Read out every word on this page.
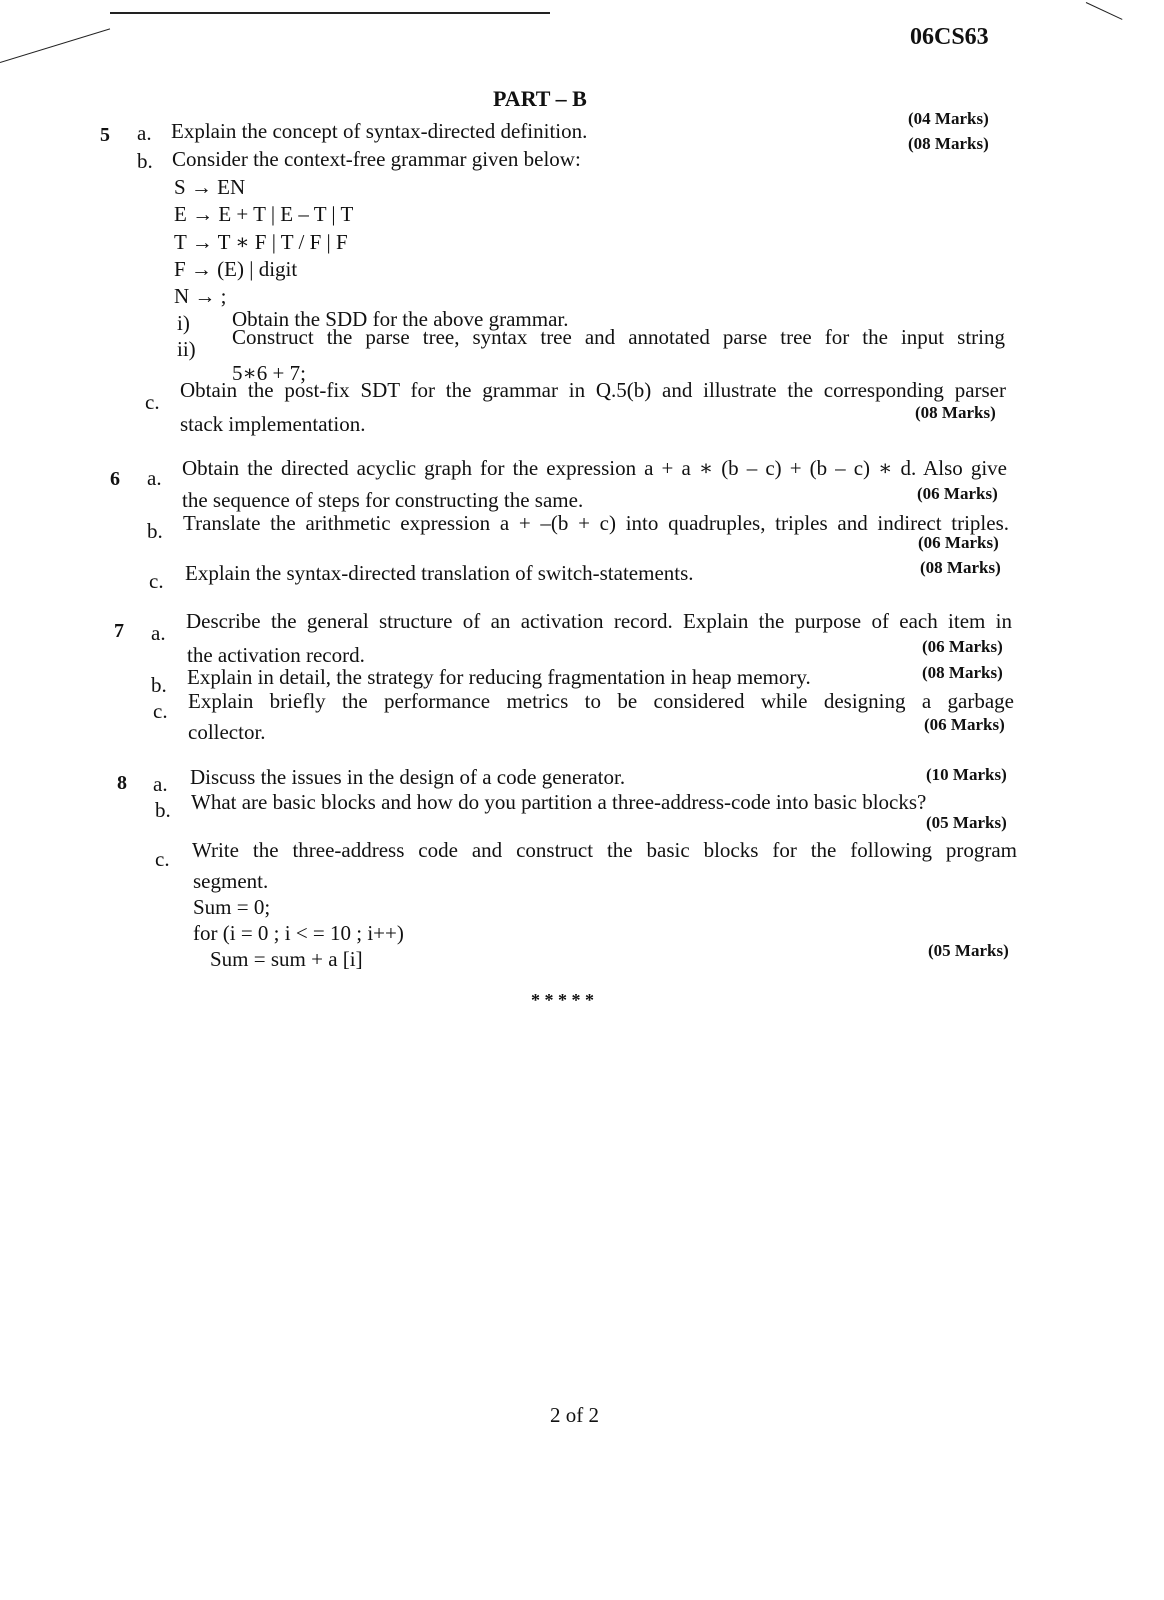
06CS63
PART – B
5 a. Explain the concept of syntax-directed definition.
(04 Marks)
b. Consider the context-free grammar given below:
(08 Marks)
S → EN
E → E + T | E – T | T
T → T ∗ F | T / F | F
F → (E) | digit
N → ;
i) Obtain the SDD for the above grammar.
ii) Construct the parse tree, syntax tree and annotated parse tree for the input string
5∗6 + 7;
c. Obtain the post-fix SDT for the grammar in Q.5(b) and illustrate the corresponding parser
stack implementation.	(08 Marks)
6 a. Obtain the directed acyclic graph for the expression a + a ∗ (b – c) + (b – c) ∗ d. Also give
the sequence of steps for constructing the same.	(06 Marks)
b. Translate the arithmetic expression a + –(b + c) into quadruples, triples and indirect triples.
(06 Marks)
c. Explain the syntax-directed translation of switch-statements.	(08 Marks)
7 a. Describe the general structure of an activation record. Explain the purpose of each item in
the activation record.	(06 Marks)
b. Explain in detail, the strategy for reducing fragmentation in heap memory.	(08 Marks)
c. Explain briefly the performance metrics to be considered while designing a garbage
collector.	(06 Marks)
8 a. Discuss the issues in the design of a code generator.	(10 Marks)
b. What are basic blocks and how do you partition a three-address-code into basic blocks?
(05 Marks)
c. Write the three-address code and construct the basic blocks for the following program
segment.
Sum = 0;
for (i = 0 ; i < = 10 ; i++)
Sum = sum + a [i]	(05 Marks)
* * * * *
2 of 2
